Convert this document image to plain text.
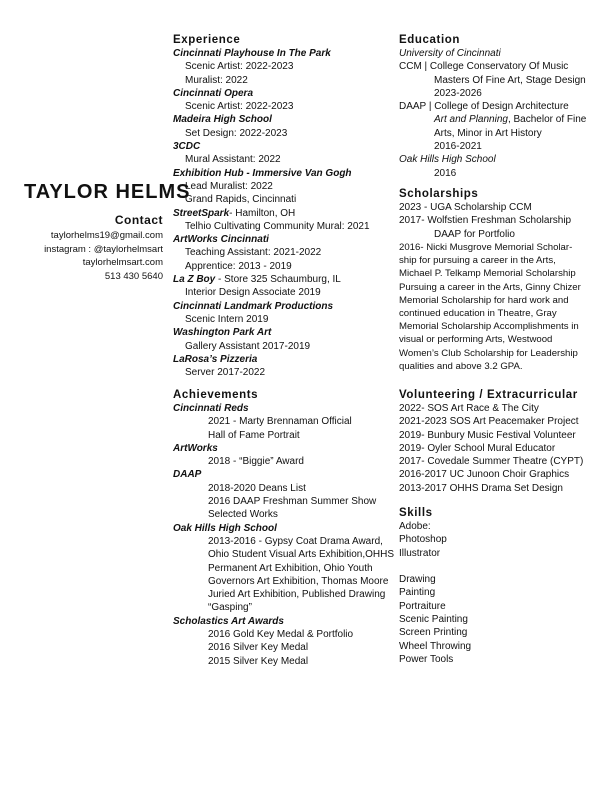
TAYLOR HELMS
Contact
taylorhelms19@gmail.com
instagram : @taylorhelmsart
taylorhelmsart.com
513 430 5640
Experience
Cincinnati Playhouse In The Park
Scenic Artist: 2022-2023
Muralist: 2022
Cincinnati Opera
Scenic Artist: 2022-2023
Madeira High School
Set Design: 2022-2023
3CDC
Mural Assistant: 2022
Exhibition Hub - Immersive Van Gogh
Lead Muralist: 2022
Grand Rapids, Cincinnati
StreetSpark- Hamilton, OH
Telhio Cultivating Community Mural: 2021
ArtWorks Cincinnati
Teaching Assistant: 2021-2022
Apprentice: 2013 - 2019
La Z Boy - Store 325 Schaumburg, IL
Interior Design Associate 2019
Cincinnati Landmark Productions
Scenic Intern 2019
Washington Park Art
Gallery Assistant 2017-2019
LaRosa’s Pizzeria
Server 2017-2022
Achievements
Cincinnati Reds
2021 - Marty Brennaman Official
Hall of Fame Portrait
ArtWorks
2018 - “Biggie” Award
DAAP
2018-2020 Deans List
2016 DAAP Freshman Summer Show
Selected Works
Oak Hills High School
2013-2016 - Gypsy Coat Drama Award,
Ohio Student Visual Arts Exhibition,OHHS
Permanent Art Exhibition, Ohio Youth
Governors Art Exhibition, Thomas Moore
Juried Art Exhibition, Published Drawing
“Gasping”
Scholastics Art Awards
2016 Gold Key Medal & Portfolio
2016 Silver Key Medal
2015 Silver Key Medal
Education
University of Cincinnati
CCM | College Conservatory Of Music
Masters Of Fine Art, Stage Design
2023-2026
DAAP | College of Design Architecture
Art and Planning, Bachelor of Fine
Arts, Minor in Art History
2016-2021
Oak Hills High School
2016
Scholarships
2023 - UGA Scholarship CCM
2017- Wolfstien Freshman Scholarship
DAAP for Portfolio
2016- Nicki Musgrove Memorial Scholar-ship for pursuing a career in the Arts, Michael P. Telkamp Memorial Scholarship Pursuing a career in the Arts, Ginny Chizer Memorial Scholarship for hard work and continued education in Theatre, Gray Memorial Scholarship Accomplishments in visual or performing Arts, Westwood Women’s Club Scholarship for Leadership qualities and above 3.2 GPA.
Volunteering / Extracurricular
2022- SOS Art Race & The City
2021-2023 SOS Art Peacemaker Project
2019- Bunbury Music Festival Volunteer
2019- Oyler School Mural Educator
2017- Covedale Summer Theatre (CYPT)
2016-2017 UC Junoon Choir Graphics
2013-2017 OHHS Drama Set Design
Skills
Adobe:
Photoshop
Illustrator
Drawing
Painting
Portraiture
Scenic Painting
Screen Printing
Wheel Throwing
Power Tools
